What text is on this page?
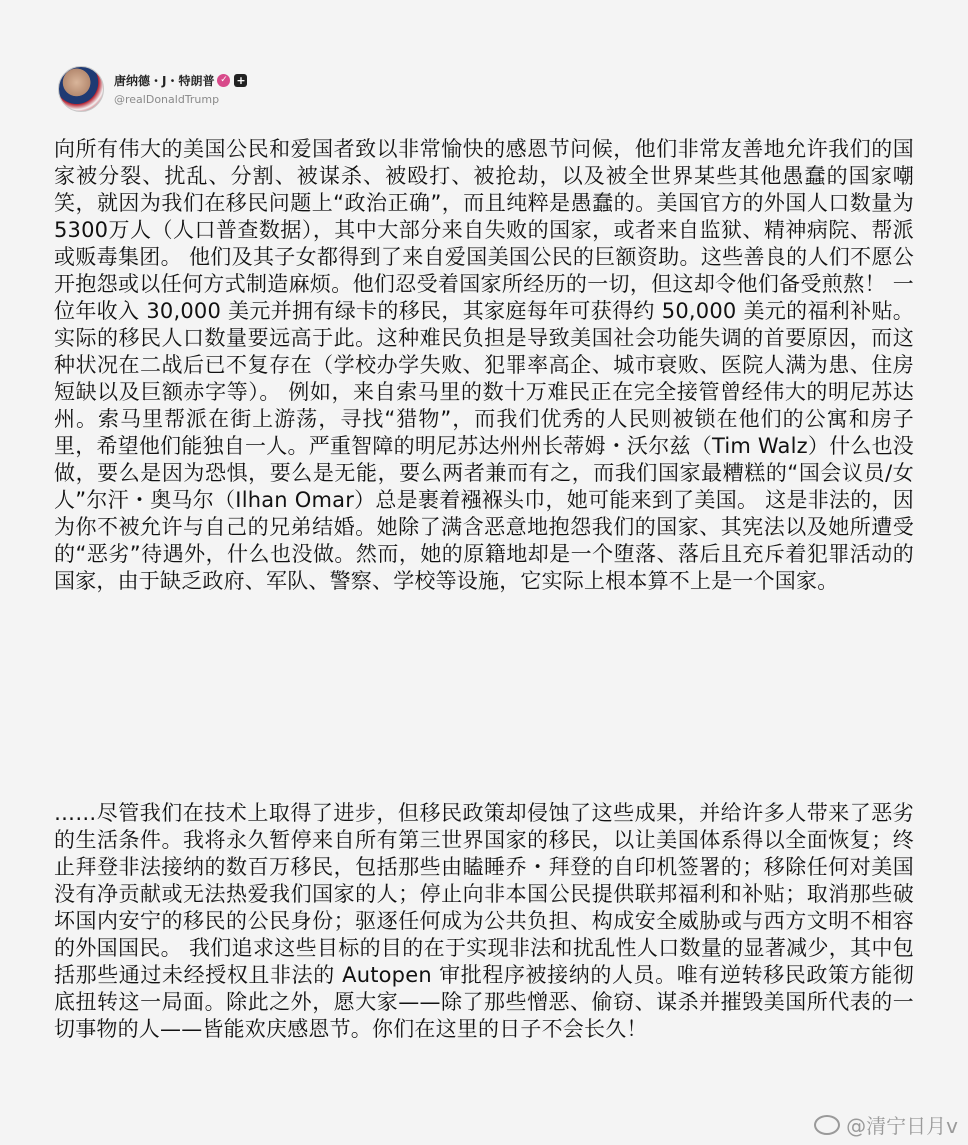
唐纳德・J・特朗普 ✓ +
@realDonaldTrump

向所有伟大的美国公民和爱国者致以非常愉快的感恩节问候，他们非常友善地允许我们的国家被分裂、扰乱、分割、被谋杀、被殴打、被抢劫，以及被全世界某些其他愚蠢的国家嘲笑，就因为我们在移民问题上“政治正确”，而且纯粹是愚蠢的。美国官方的外国人口数量为5300万人（人口普查数据），其中大部分来自失败的国家，或者来自监狱、精神病院、帮派或贩毒集团。 他们及其子女都得到了来自爱国美国公民的巨额资助。这些善良的人们不愿公开抱怨或以任何方式制造麻烦。他们忍受着国家所经历的一切，但这却令他们备受煎熬！ 一位年收入 30,000 美元并拥有绿卡的移民，其家庭每年可获得约 50,000 美元的福利补贴。实际的移民人口数量要远高于此。这种难民负担是导致美国社会功能失调的首要原因，而这种状况在二战后已不复存在（学校办学失败、犯罪率高企、城市衰败、医院人满为患、住房短缺以及巨额赤字等）。 例如，来自索马里的数十万难民正在完全接管曾经伟大的明尼苏达州。索马里帮派在街上游荡，寻找“猎物”，而我们优秀的人民则被锁在他们的公寓和房子里，希望他们能独自一人。严重智障的明尼苏达州州长蒂姆・沃尔兹（Tim Walz）什么也没做，要么是因为恐惧，要么是无能，要么两者兼而有之，而我们国家最糟糕的“国会议员/女人”尔汗・奥马尔（Ilhan Omar）总是裹着襁褓头巾，她可能来到了美国。 这是非法的，因为你不被允许与自己的兄弟结婚。她除了满含恶意地抱怨我们的国家、其宪法以及她所遭受的“恶劣”待遇外，什么也没做。然而，她的原籍地却是一个堕落、落后且充斥着犯罪活动的国家，由于缺乏政府、军队、警察、学校等设施，它实际上根本算不上是一个国家。

……尽管我们在技术上取得了进步，但移民政策却侵蚀了这些成果，并给许多人带来了恶劣的生活条件。我将永久暂停来自所有第三世界国家的移民，以让美国体系得以全面恢复；终止拜登非法接纳的数百万移民，包括那些由瞌睡乔・拜登的自印机签署的；移除任何对美国没有净贡献或无法热爱我们国家的人；停止向非本国公民提供联邦福利和补贴；取消那些破坏国内安宁的移民的公民身份；驱逐任何成为公共负担、构成安全威胁或与西方文明不相容的外国国民。 我们追求这些目标的目的在于实现非法和扰乱性人口数量的显著减少，其中包括那些通过未经授权且非法的 Autopen 审批程序被接纳的人员。唯有逆转移民政策方能彻底扭转这一局面。除此之外，愿大家——除了那些憎恶、偷窃、谋杀并摧毁美国所代表的一切事物的人——皆能欢庆感恩节。你们在这里的日子不会长久！

@清宁日月v
